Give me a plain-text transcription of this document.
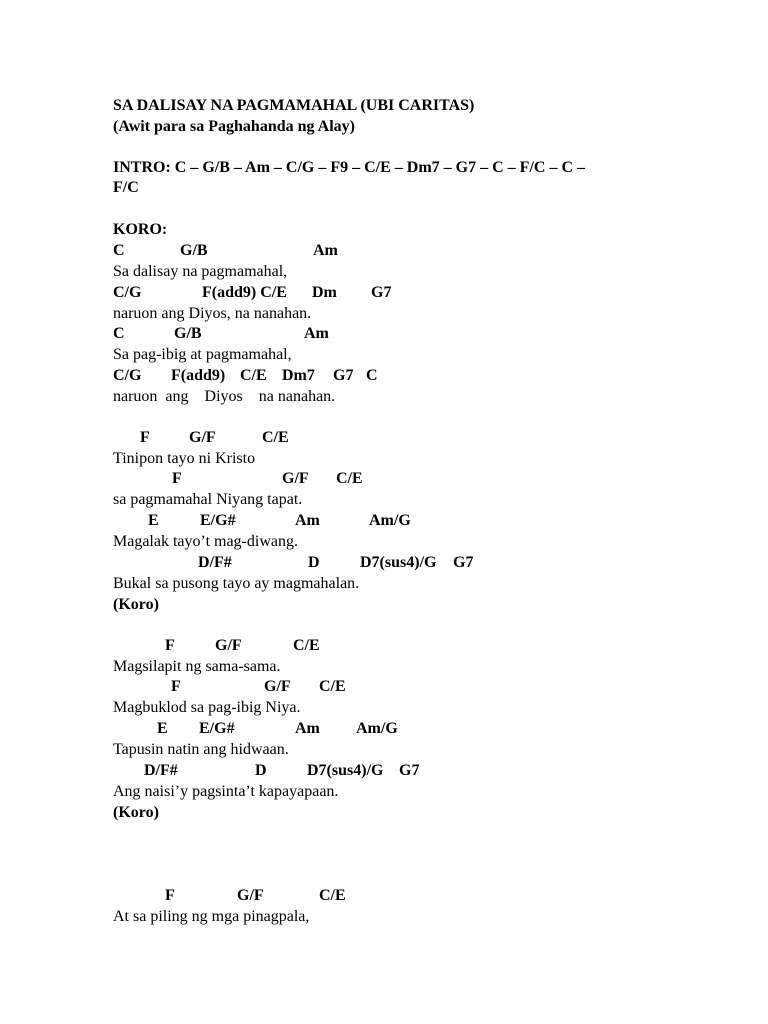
SA DALISAY NA PAGMAMAHAL (UBI CARITAS)
(Awit para sa Paghahanda ng Alay)
INTRO: C – G/B – Am – C/G – F9 – C/E – Dm7 – G7 – C – F/C – C –
F/C
KORO:
C	G/B	Am
Sa dalisay na pagmamahal,
C/G	F(add9) C/E Dm G7
naruon ang Diyos, na nanahan.
C	G/B	Am
Sa pag-ibig at pagmamahal,
C/G F(add9) C/E Dm7 G7 C
naruon  ang    Diyos    na nanahan.
F G/F	C/E
Tinipon tayo ni Kristo
F	G/F C/E
sa pagmamahal Niyang tapat.
E	E/G#	Am	Am/G
Magalak tayo’t mag-diwang.
D/F#	D	D7(sus4)/G G7
Bukal sa pusong tayo ay magmahalan.
(Koro)
F	G/F	C/E
Magsilapit ng sama-sama.
F	G/F C/E
Magbuklod sa pag-ibig Niya.
E E/G#	Am Am/G
Tapusin natin ang hidwaan.
D/F#	D	D7(sus4)/G G7
Ang naisi’y pagsinta’t kapayapaan.
(Koro)
F	G/F	C/E
At sa piling ng mga pinagpala,
